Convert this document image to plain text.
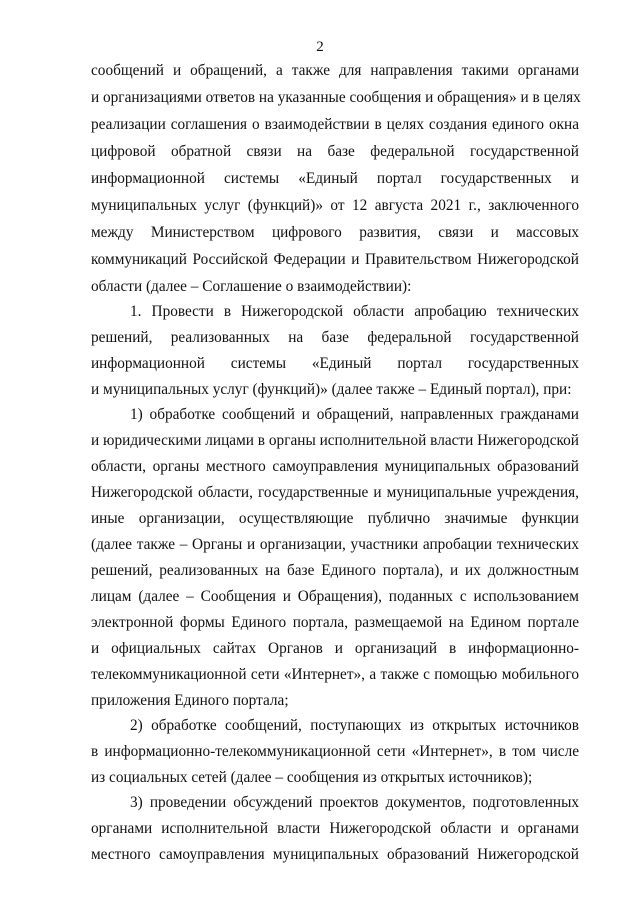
2
сообщений и обращений, а также для направления такими органами
и организациями ответов на указанные сообщения и обращения» и в целях
реализации соглашения о взаимодействии в целях создания единого окна
цифровой обратной связи на базе федеральной государственной
информационной системы «Единый портал государственных и
муниципальных услуг (функций)» от 12 августа 2021 г., заключенного
между Министерством цифрового развития, связи и массовых
коммуникаций Российской Федерации и Правительством Нижегородской
области (далее – Соглашение о взаимодействии):
1. Провести в Нижегородской области апробацию технических
решений, реализованных на базе федеральной государственной
информационной системы «Единый портал государственных
и муниципальных услуг (функций)» (далее также – Единый портал), при:
1) обработке сообщений и обращений, направленных гражданами
и юридическими лицами в органы исполнительной власти Нижегородской
области, органы местного самоуправления муниципальных образований
Нижегородской области, государственные и муниципальные учреждения,
иные организации, осуществляющие публично значимые функции
(далее также – Органы и организации, участники апробации технических
решений, реализованных на базе Единого портала), и их должностным
лицам (далее – Сообщения и Обращения), поданных с использованием
электронной формы Единого портала, размещаемой на Едином портале
и официальных сайтах Органов и организаций в информационно-
телекоммуникационной сети «Интернет», а также с помощью мобильного
приложения Единого портала;
2) обработке сообщений, поступающих из открытых источников
в информационно-телекоммуникационной сети «Интернет», в том числе
из социальных сетей (далее – сообщения из открытых источников);
3) проведении обсуждений проектов документов, подготовленных
органами исполнительной власти Нижегородской области и органами
местного самоуправления муниципальных образований Нижегородской
